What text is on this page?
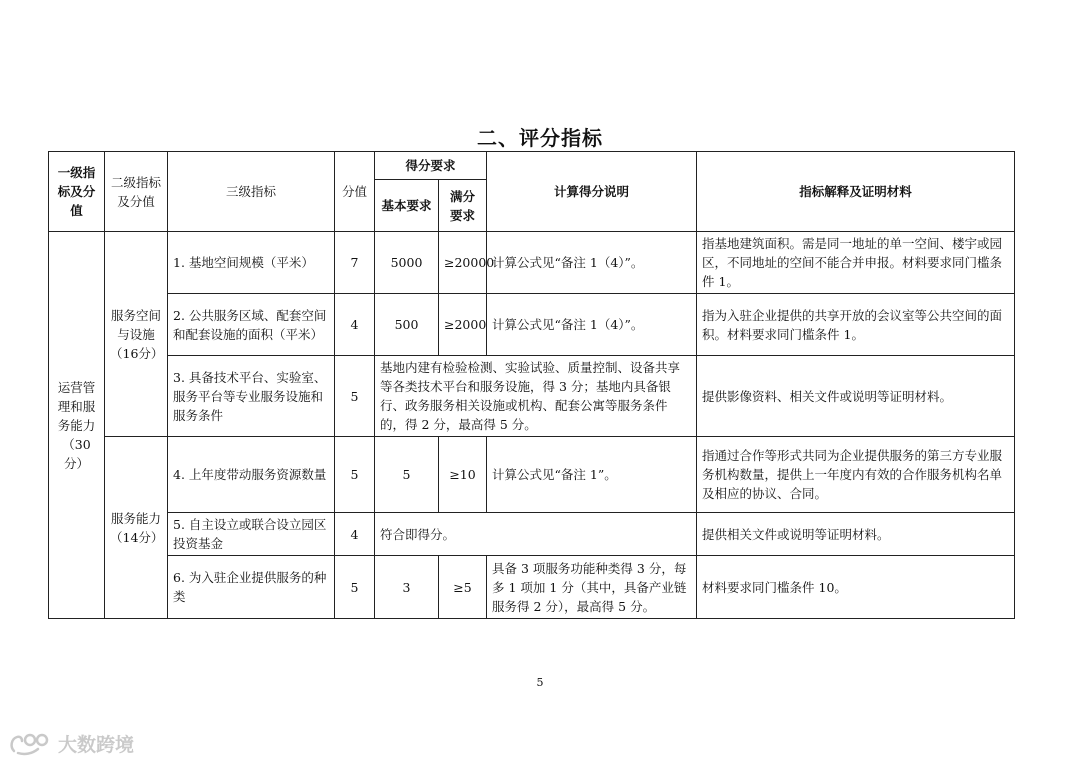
二、评分指标
一级指标及分值	二级指标及分值	三级指标	分值	得分要求		计算得分说明	指标解释及证明材料
				基本要求	满分要求		
运营管理和服务能力（30分）	服务空间与设施（16分）	1. 基地空间规模（平米）	7	5000	≥20000	计算公式见“备注 1（4）”。	指基地建筑面积。需是同一地址的单一空间、楼宇或园区，不同地址的空间不能合并申报。材料要求同门槛条件 1。
		2. 公共服务区域、配套空间和配套设施的面积（平米）	4	500	≥2000	计算公式见“备注 1（4）”。	指为入驻企业提供的共享开放的会议室等公共空间的面积。材料要求同门槛条件 1。
		3. 具备技术平台、实验室、服务平台等专业服务设施和服务条件	5	基地内建有检验检测、实验试验、质量控制、设备共享等各类技术平台和服务设施，得 3 分；基地内具备银行、政务服务相关设施或机构、配套公寓等服务条件的，得 2 分，最高得 5 分。			提供影像资料、相关文件或说明等证明材料。
	服务能力（14分）	4. 上年度带动服务资源数量	5	5	≥10	计算公式见“备注 1”。	指通过合作等形式共同为企业提供服务的第三方专业服务机构数量，提供上一年度内有效的合作服务机构名单及相应的协议、合同。
		5. 自主设立或联合设立园区投资基金	4	符合即得分。			提供相关文件或说明等证明材料。
		6. 为入驻企业提供服务的种类	5	3	≥5	具备 3 项服务功能种类得 3 分，每多 1 项加 1 分（其中，具备产业链服务得 2 分），最高得 5 分。	材料要求同门槛条件 10。
5
大数跨境
